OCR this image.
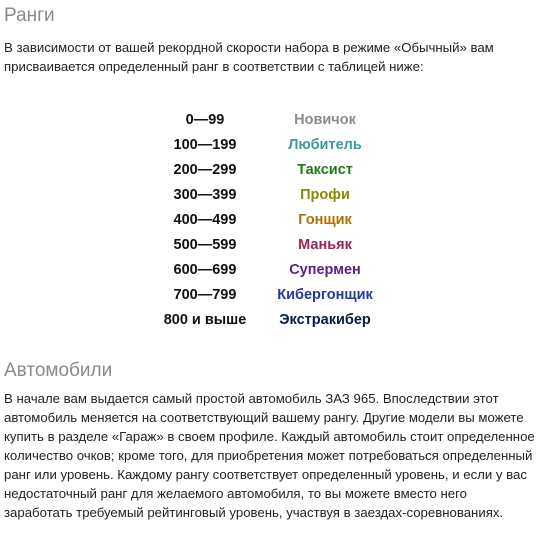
Ранги

В зависимости от вашей рекордной скорости набора в режиме «Обычный» вам присваивается определенный ранг в соответствии с таблицей ниже:

0—99	Новичок
100—199	Любитель
200—299	Таксист
300—399	Профи
400—499	Гонщик
500—599	Маньяк
600—699	Супермен
700—799	Кибергонщик
800 и выше	Экстракибер
Автомобили

В начале вам выдается самый простой автомобиль ЗАЗ 965. Впоследствии этот автомобиль меняется на соответствующий вашему рангу. Другие модели вы можете купить в разделе «Гараж» в своем профиле. Каждый автомобиль стоит определенное количество очков; кроме того, для приобретения может потребоваться определенный ранг или уровень. Каждому рангу соответствует определенный уровень, и если у вас недостаточный ранг для желаемого автомобиля, то вы можете вместо него заработать требуемый рейтинговый уровень, участвуя в заездах-соревнованиях.
